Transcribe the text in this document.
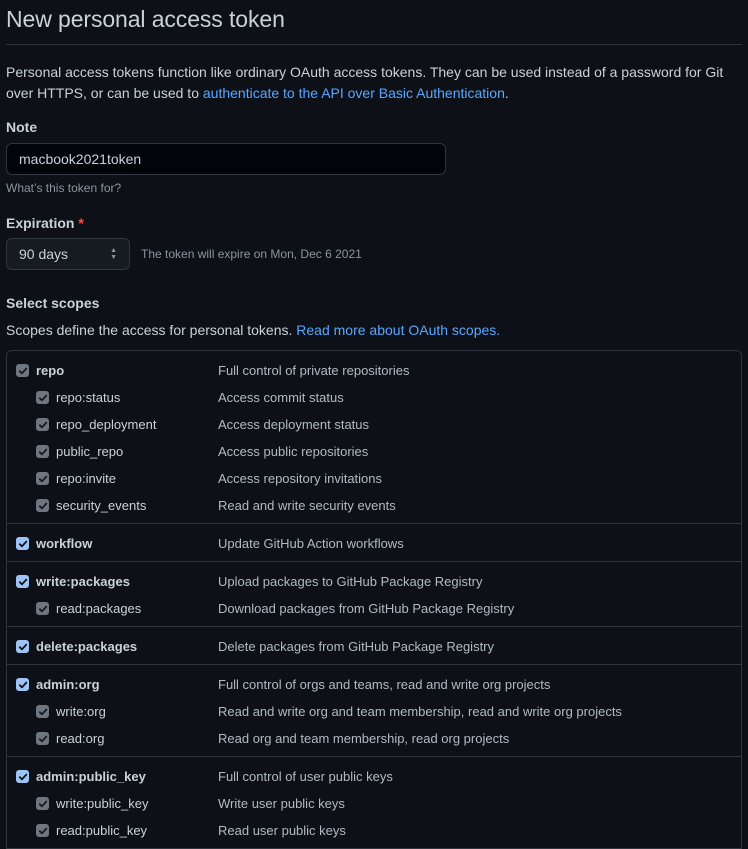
New personal access token
Personal access tokens function like ordinary OAuth access tokens. They can be used instead of a password for Git over HTTPS, or can be used to authenticate to the API over Basic Authentication.
Note
macbook2021token
What’s this token for?
Expiration *
90 days	▲
▼ The token will expire on Mon, Dec 6 2021
Select scopes
Scopes define the access for personal tokens. Read more about OAuth scopes.
repo	Full control of private repositories
repo:status	Access commit status
repo_deployment	Access deployment status
public_repo	Access public repositories
repo:invite	Access repository invitations
security_events	Read and write security events
workflow	Update GitHub Action workflows
write:packages	Upload packages to GitHub Package Registry
read:packages	Download packages from GitHub Package Registry
delete:packages	Delete packages from GitHub Package Registry
admin:org	Full control of orgs and teams, read and write org projects
write:org	Read and write org and team membership, read and write org projects
read:org	Read org and team membership, read org projects
admin:public_key	Full control of user public keys
write:public_key	Write user public keys
read:public_key	Read user public keys
